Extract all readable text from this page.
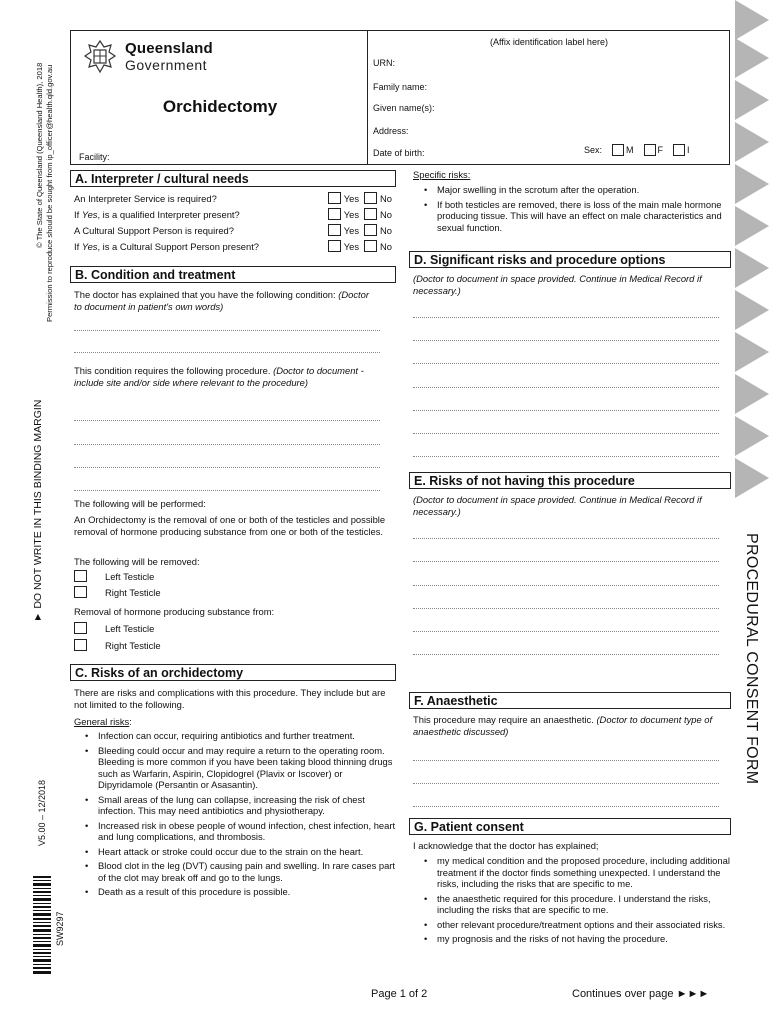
© The State of Queensland (Queensland Health), 2018 Permission to reproduce should be sought from ip_officer@health.qld.gov.au
▲ DO NOT WRITE IN THIS BINDING MARGIN
V5.00 – 12/2018
SW9297
PROCEDURAL CONSENT FORM
Queensland
Government
Orchidectomy
Facility:
(Affix identification label here)
URN:
Family name:
Given name(s):
Address:
Date of birth:	Sex:	M	F	I
A. Interpreter / cultural needs
An Interpreter Service is required?	Yes No
If Yes, is a qualified Interpreter present?	Yes No
A Cultural Support Person is required?	Yes No
If Yes, is a Cultural Support Person present?	Yes No
B. Condition and treatment
The doctor has explained that you have the following condition: (Doctor to document in patient's own words)
This condition requires the following procedure. (Doctor to document - include site and/or side where relevant to the procedure)
The following will be performed:
An Orchidectomy is the removal of one or both of the testicles and possible removal of hormone producing substance from one or both of the testicles.
The following will be removed:
Left Testicle
Right Testicle
Removal of hormone producing substance from:
Left Testicle
Right Testicle
C. Risks of an orchidectomy
There are risks and complications with this procedure. They include but are not limited to the following.
General risks:
• Infection can occur, requiring antibiotics and further treatment.
• Bleeding could occur and may require a return to the operating room. Bleeding is more common if you have been taking blood thinning drugs such as Warfarin, Aspirin, Clopidogrel (Plavix or Iscover) or Dipyridamole (Persantin or Asasantin).
• Small areas of the lung can collapse, increasing the risk of chest infection. This may need antibiotics and physiotherapy.
• Increased risk in obese people of wound infection, chest infection, heart and lung complications, and thrombosis.
• Heart attack or stroke could occur due to the strain on the heart.
• Blood clot in the leg (DVT) causing pain and swelling. In rare cases part of the clot may break off and go to the lungs.
• Death as a result of this procedure is possible.
Specific risks:
• Major swelling in the scrotum after the operation.
• If both testicles are removed, there is loss of the main male hormone producing tissue. This will have an effect on male characteristics and sexual function.
D. Significant risks and procedure options
(Doctor to document in space provided. Continue in Medical Record if necessary.)
E. Risks of not having this procedure
(Doctor to document in space provided. Continue in Medical Record if necessary.)
F. Anaesthetic
This procedure may require an anaesthetic. (Doctor to document type of anaesthetic discussed)
G. Patient consent
I acknowledge that the doctor has explained;
• my medical condition and the proposed procedure, including additional treatment if the doctor finds something unexpected. I understand the risks, including the risks that are specific to me.
• the anaesthetic required for this procedure. I understand the risks, including the risks that are specific to me.
• other relevant procedure/treatment options and their associated risks.
• my prognosis and the risks of not having the procedure.
Page 1 of 2	Continues over page ►►►
